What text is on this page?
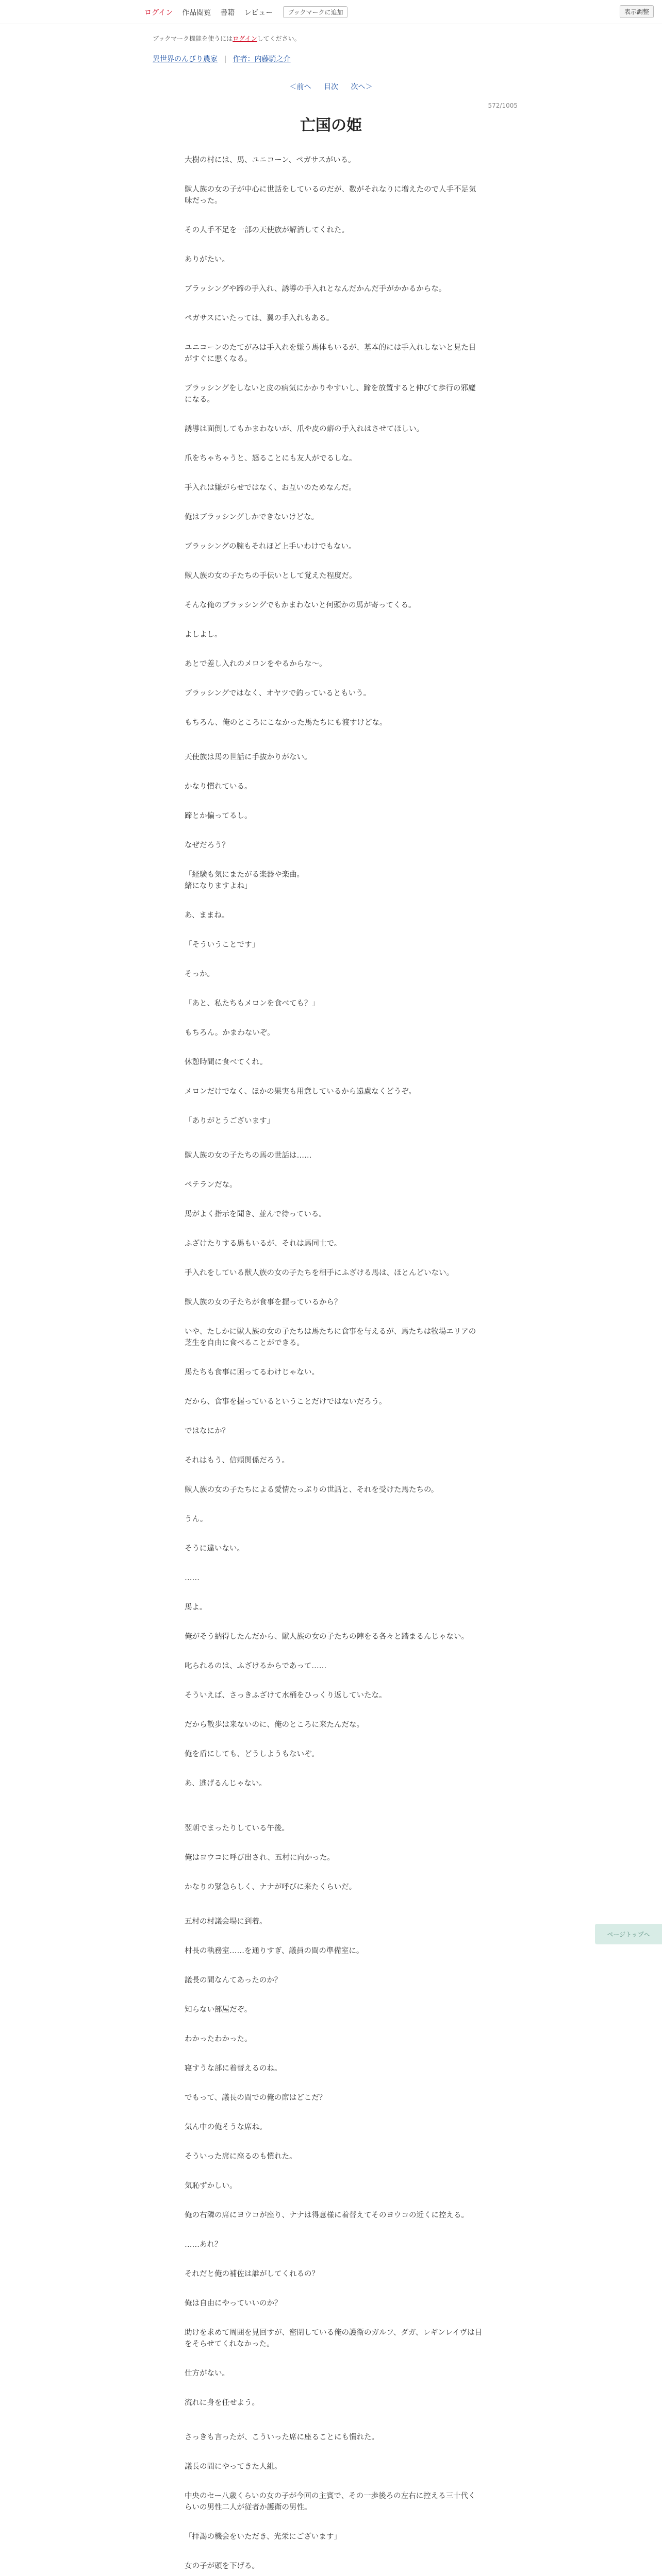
ログイン 作品閲覧 書籍 レビュー	ブックマークに追加	表示調整
ブックマーク機能を使うにはログインしてください。
異世界のんびり農家 | 作者：内藤騎之介
＜前へ 目次 次へ＞
572/1005
亡国の姫

大樹の村には、馬、ユニコーン、ペガサスがいる。

獣人族の女の子が中心に世話をしているのだが、数がそれなりに増えたので人手不足気味だった。

その人手不足を一部の天使族が解消してくれた。

ありがたい。

ブラッシングや蹄の手入れ、誘導の手入れとなんだかんだ手がかかるからな。

ペガサスにいたっては、翼の手入れもある。

ユニコーンのたてがみは手入れを嫌う馬体もいるが、基本的には手入れしないと見た目がすぐに悪くなる。

ブラッシングをしないと皮の病気にかかりやすいし、蹄を放置すると伸びて歩行の邪魔になる。

誘導は面倒してもかまわないが、爪や皮の癖の手入れはさせてほしい。

爪をちゃちゃうと、怒ることにも友人がでるしな。

手入れは嫌がらせではなく、お互いのためなんだ。

俺はブラッシングしかできないけどな。

ブラッシングの腕もそれほど上手いわけでもない。

獣人族の女の子たちの手伝いとして覚えた程度だ。

そんな俺のブラッシングでもかまわないと何頭かの馬が寄ってくる。

よしよし。

あとで差し入れのメロンをやるからな～。

ブラッシングではなく、オヤツで釣っているともいう。

もちろん、俺のところにこなかった馬たちにも渡すけどな。

天使族は馬の世話に手抜かりがない。

かなり慣れている。

蹄とか偏ってるし。

なぜだろう？

「経験も気にまたがる楽器や楽曲。
緒になりますよね」

あ、ままね。

「そういうことです」

そっか。

「あと、私たちもメロンを食べても？」

もちろん。かまわないぞ。

休憩時間に食べてくれ。

メロンだけでなく、ほかの果実も用意しているから遠慮なくどうぞ。

「ありがとうございます」

獣人族の女の子たちの馬の世話は……

ペテランだな。

馬がよく指示を聞き、並んで待っている。

ふざけたりする馬もいるが、それは馬同士で。

手入れをしている獣人族の女の子たちを相手にふざける馬は、ほとんどいない。

獣人族の女の子たちが食事を握っているから？

いや、たしかに獣人族の女の子たちは馬たちに食事を与えるが、馬たちは牧場エリアの芝生を自由に食べることができる。

馬たちも食事に困ってるわけじゃない。

だから、食事を握っているということだけではないだろう。

ではなにか？

それはもう、信頼関係だろう。

獣人族の女の子たちによる愛情たっぷりの世話と、それを受けた馬たちの。

うん。

そうに違いない。

……

馬よ。

俺がそう納得したんだから、獣人族の女の子たちの陣をる各々と踏まるんじゃない。

叱られるのは、ふざけるからであって……

そういえば、さっきふざけて水桶をひっくり返していたな。

だから散歩は来ないのに、俺のところに来たんだな。

俺を盾にしても、どうしようもないぞ。

あ、逃げるんじゃない。

翌朝でまったりしている午後。

俺はヨウコに呼び出され、五村に向かった。

かなりの緊急らしく、ナナが呼びに来たくらいだ。

五村の村議会場に到着。

村長の執務室……を通りすぎ、議員の間の準備室に。

議長の間なんてあったのか？

知らない部屋だぞ。

わかったわかった。

寝すうな部に着替えるのね。

でもって、議長の間での俺の席はどこだ？

気ん中の俺そうな席ね。

そういった席に座るのも慣れた。

気恥ずかしい。

俺の右隣の席にヨウコが座り、ナナは得意様に着替えてそのヨウコの近くに控える。

……あれ？

それだと俺の補佐は誰がしてくれるの？

俺は自由にやっていいのか？

助けを求めて周囲を見回すが、密閉している俺の護衛のガルフ、ダガ、レギンレイヴは目をそらせてくれなかった。

仕方がない。

流れに身を任せよう。

さっきも言ったが、こういった席に座ることにも慣れた。

議長の間にやってきた人組。

中央のセー八歳くらいの女の子が今回の主賓で、その一歩後ろの左右に控える三十代くらいの男性二人が従者か護衛の男性。

「拝謁の機会をいただき、光栄にございます」

女の子が頭を下げる。

ページトップへ
